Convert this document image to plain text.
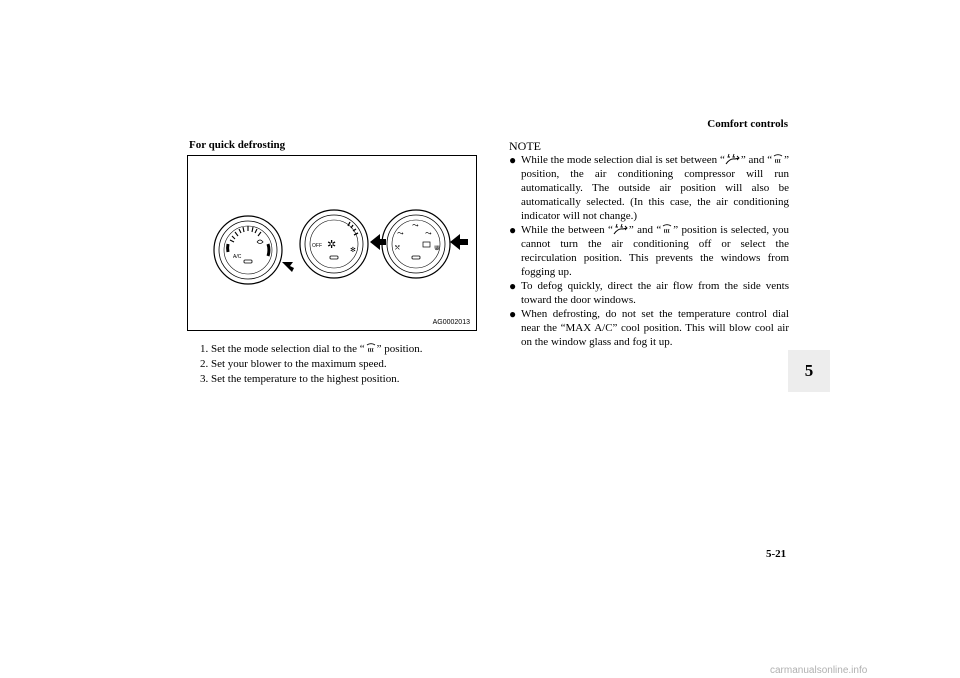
Comfort controls
5
For quick defrosting
A/C
OFF ✲ ✻
⤳
⤳
⤳
⤲	⋓
AG0002013
1. Set the mode selection dial to the “ ” position.
2. Set your blower to the maximum speed.
3. Set the temperature to the highest position.
NOTE

● While the mode selection dial is set between “ ” and “ ” position, the air conditioning compressor will run automatically. The outside air position will also be automatically selected. (In this case, the air conditioning indicator will not change.)

● While the between “ ” and “ ” position is selected, you cannot turn the air conditioning off or select the recirculation position. This prevents the windows from fogging up.

● To defog quickly, direct the air flow from the side vents toward the door windows.

● When defrosting, do not set the temperature control dial near the “MAX A/C” cool position. This will blow cool air on the window glass and fog it up.

5-21
carmanualsonline.info
